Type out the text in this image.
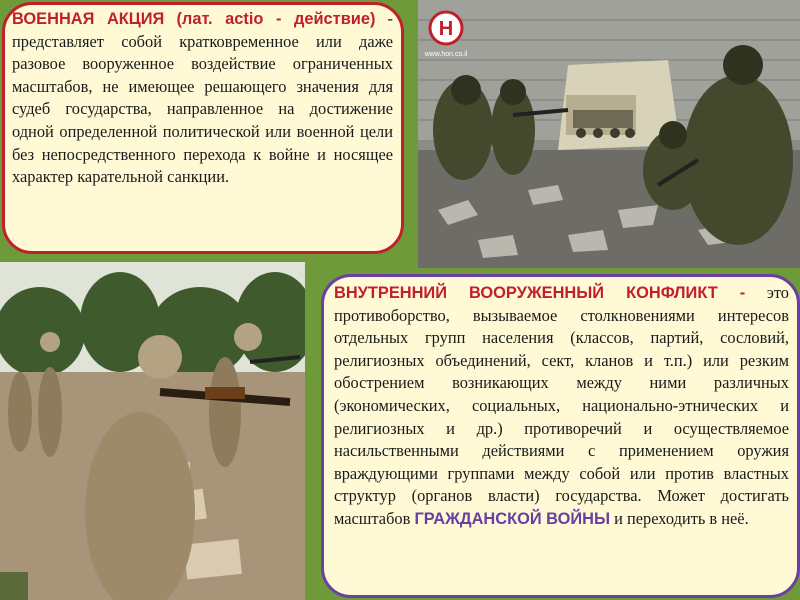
H
www.hon.co.il
ВОЕННАЯ АКЦИЯ (лат. actio - действие) - представляет собой кратковременное или даже разовое вооруженное воздействие ограниченных масштабов, не имеющее решающего значения для судеб государства, направленное на достижение одной определенной политической или военной цели без непосредственного перехода к войне и носящее характер карательной санкции.
ВНУТРЕННИЙ ВООРУЖЕННЫЙ КОНФЛИКТ - это противоборство, вызываемое столкновениями интересов отдельных групп населения (классов, партий, сословий, религиозных объединений, сект, кланов и т.п.) или резким обострением возникающих между ними различных (экономических, социальных, национально-этнических и религиозных и др.) противоречий и осуществляемое насильственными действиями с применением оружия враждующими группами между собой или против властных структур (органов власти) государства. Может достигать масштабов ГРАЖДАНСКОЙ ВОЙНЫ и переходить в неё.
